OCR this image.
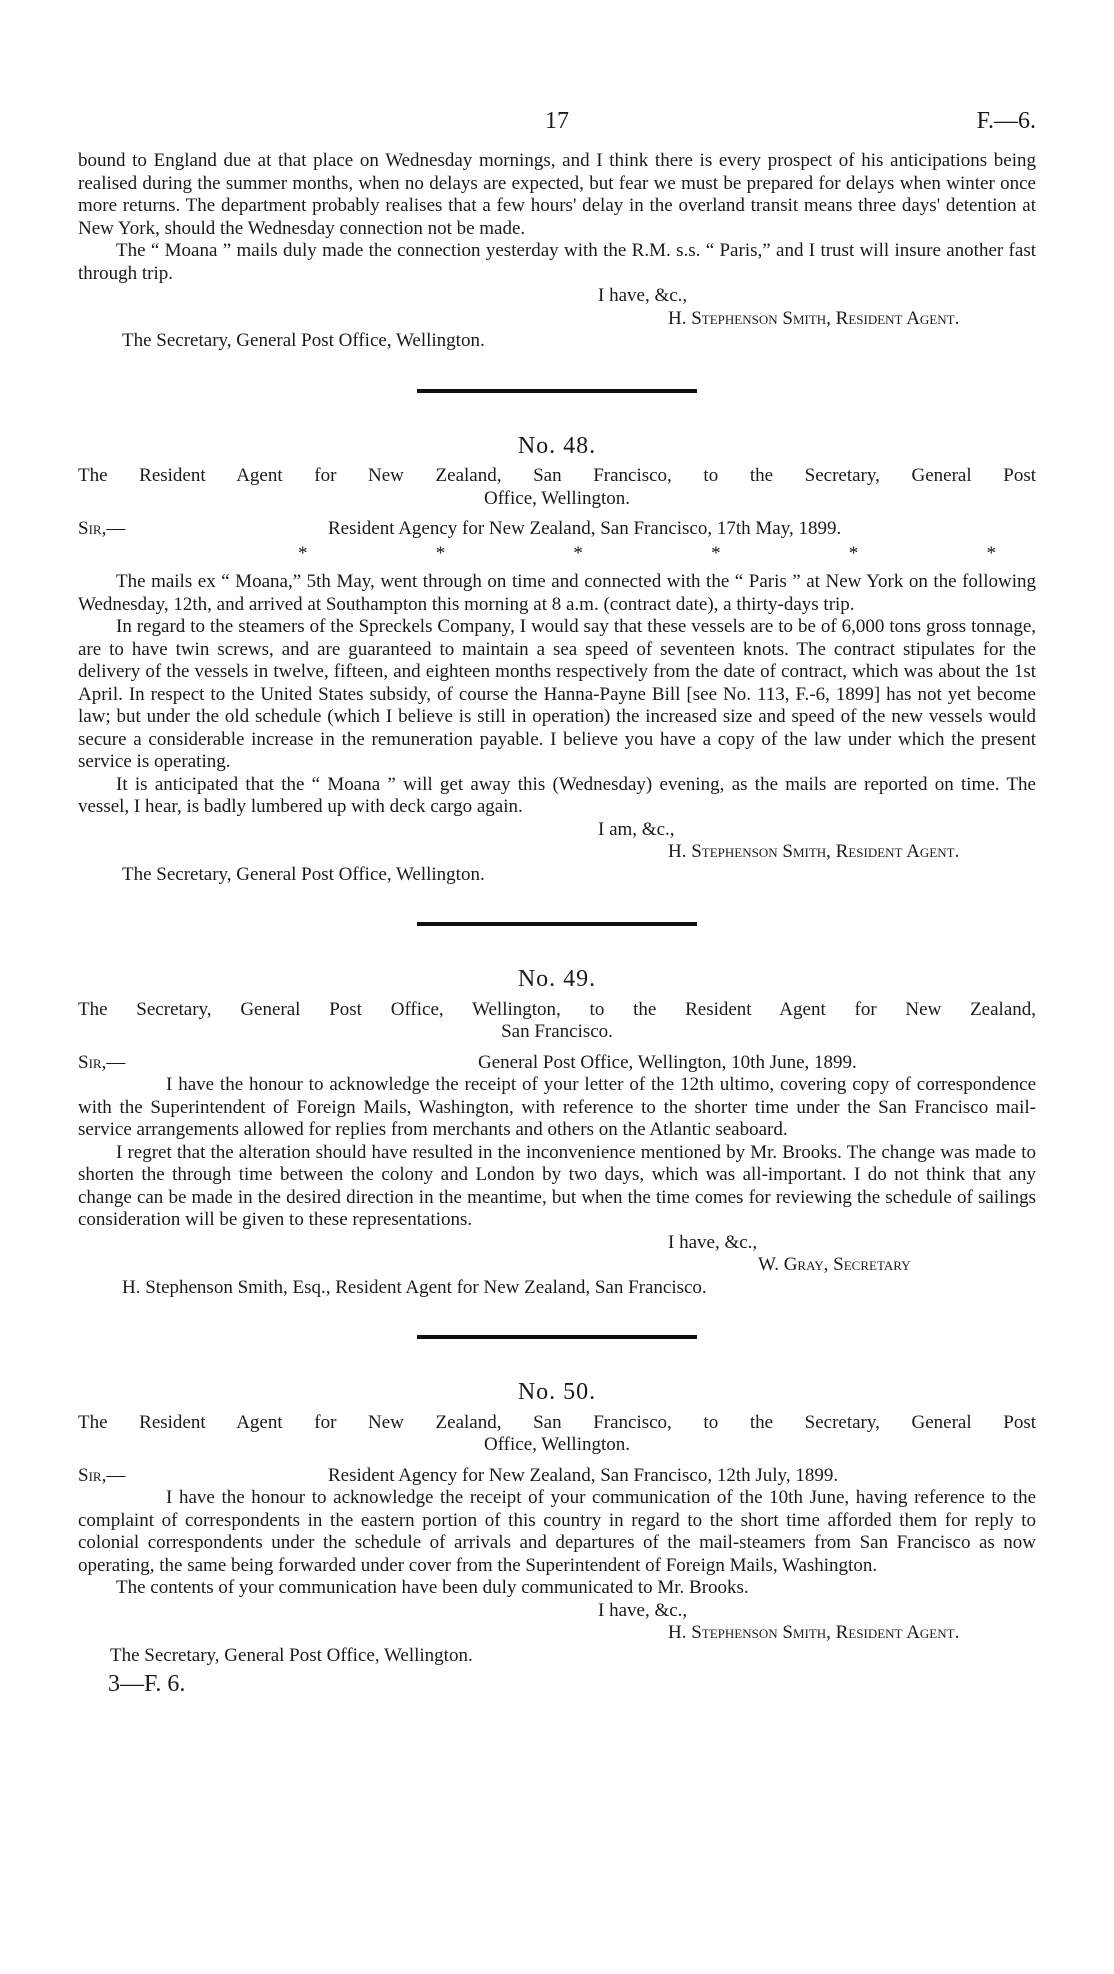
17	F.—6.

bound to England due at that place on Wednesday mornings, and I think there is every prospect of his anticipations being realised during the summer months, when no delays are expected, but fear we must be prepared for delays when winter once more returns. The department probably realises that a few hours' delay in the overland transit means three days' detention at New York, should the Wednesday connection not be made.

The “ Moana ” mails duly made the connection yesterday with the R.M. s.s. “ Paris,” and I trust will insure another fast through trip.

I have, &c.,

H. Stephenson Smith, Resident Agent.

The Secretary, General Post Office, Wellington.

No. 48.

The Resident Agent for New Zealand, San Francisco, to the Secretary, General Post

Office, Wellington.

Sir,—	Resident Agency for New Zealand, San Francisco, 17th May, 1899.
*	*	*	*	*	*

The mails ex “ Moana,” 5th May, went through on time and connected with the “ Paris ” at New York on the following Wednesday, 12th, and arrived at Southampton this morning at 8 a.m. (contract date), a thirty-days trip.

In regard to the steamers of the Spreckels Company, I would say that these vessels are to be of 6,000 tons gross tonnage, are to have twin screws, and are guaranteed to maintain a sea speed of seventeen knots. The contract stipulates for the delivery of the vessels in twelve, fifteen, and eighteen months respectively from the date of contract, which was about the 1st April. In respect to the United States subsidy, of course the Hanna-Payne Bill [see No. 113, F.-6, 1899] has not yet become law; but under the old schedule (which I believe is still in operation) the increased size and speed of the new vessels would secure a considerable increase in the remuneration payable. I believe you have a copy of the law under which the present service is operating.

It is anticipated that the “ Moana ” will get away this (Wednesday) evening, as the mails are reported on time. The vessel, I hear, is badly lumbered up with deck cargo again.

I am, &c.,

H. Stephenson Smith, Resident Agent.

The Secretary, General Post Office, Wellington.

No. 49.

The Secretary, General Post Office, Wellington, to the Resident Agent for New Zealand,

San Francisco.

Sir,—	General Post Office, Wellington, 10th June, 1899.

I have the honour to acknowledge the receipt of your letter of the 12th ultimo, covering copy of correspondence with the Superintendent of Foreign Mails, Washington, with reference to the shorter time under the San Francisco mail-service arrangements allowed for replies from merchants and others on the Atlantic seaboard.

I regret that the alteration should have resulted in the inconvenience mentioned by Mr. Brooks. The change was made to shorten the through time between the colony and London by two days, which was all-important. I do not think that any change can be made in the desired direction in the meantime, but when the time comes for reviewing the schedule of sailings consideration will be given to these representations.

I have, &c.,

W. Gray, Secretary

H. Stephenson Smith, Esq., Resident Agent for New Zealand, San Francisco.

No. 50.

The Resident Agent for New Zealand, San Francisco, to the Secretary, General Post

Office, Wellington.

Sir,—	Resident Agency for New Zealand, San Francisco, 12th July, 1899.

I have the honour to acknowledge the receipt of your communication of the 10th June, having reference to the complaint of correspondents in the eastern portion of this country in regard to the short time afforded them for reply to colonial correspondents under the schedule of arrivals and departures of the mail-steamers from San Francisco as now operating, the same being forwarded under cover from the Superintendent of Foreign Mails, Washington.

The contents of your communication have been duly communicated to Mr. Brooks.

I have, &c.,

H. Stephenson Smith, Resident Agent.

The Secretary, General Post Office, Wellington.

3—F. 6.
